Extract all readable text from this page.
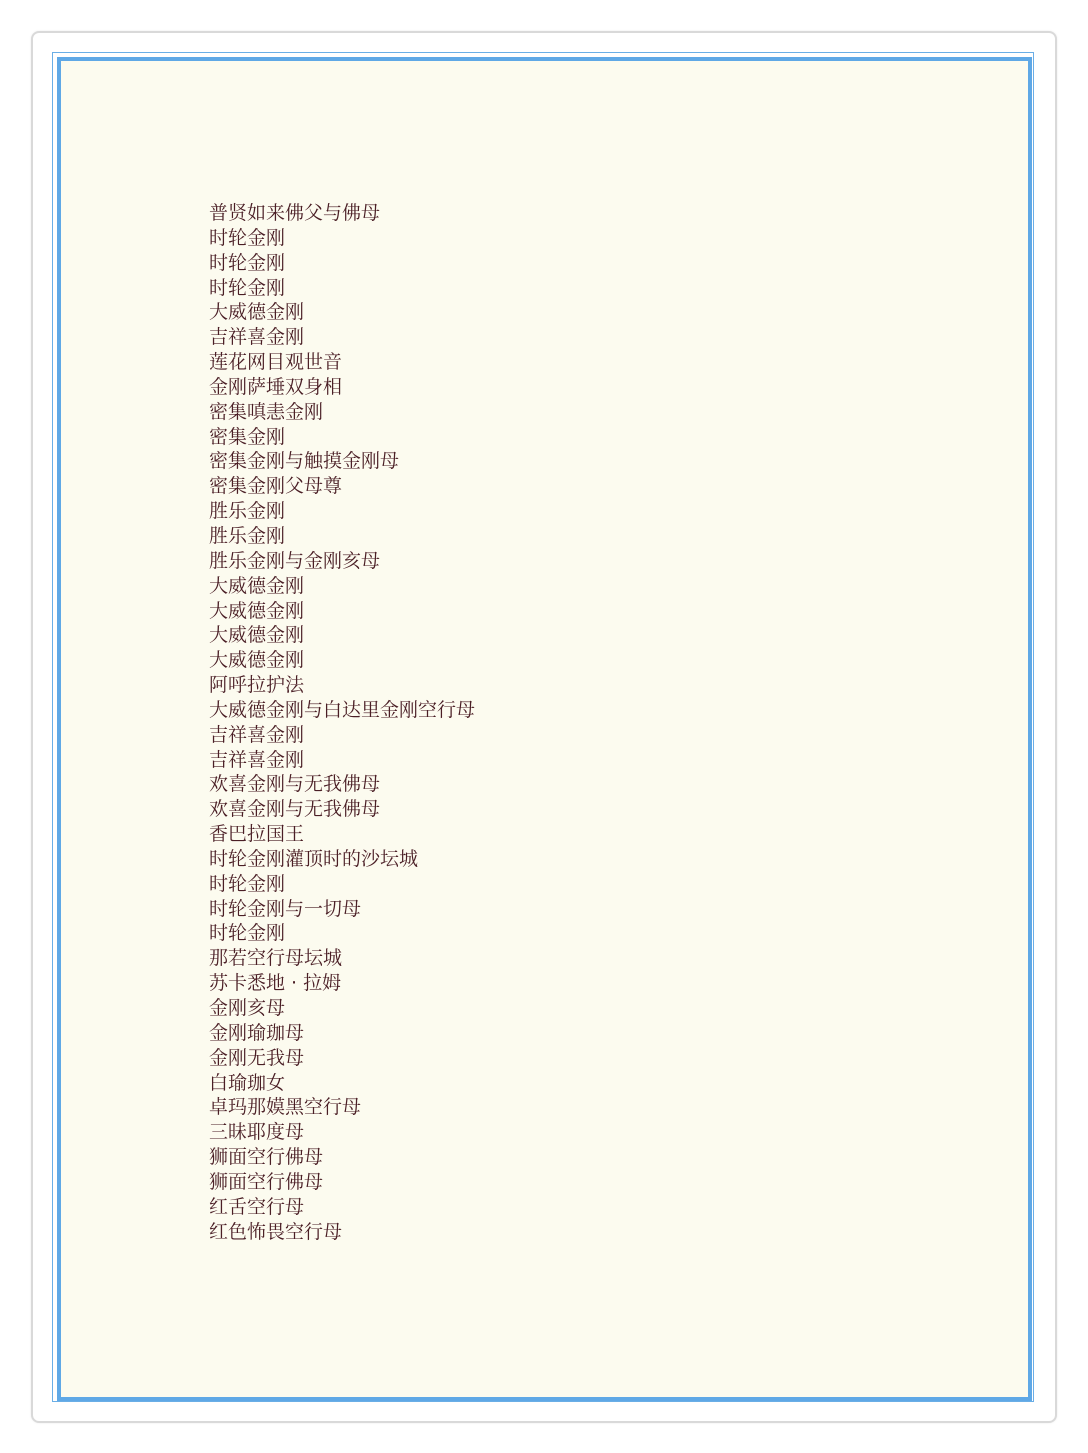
普贤如来佛父与佛母
时轮金刚
时轮金刚
时轮金刚
大威德金刚
吉祥喜金刚
莲花网目观世音
金刚萨埵双身相
密集嗔恚金刚
密集金刚
密集金刚与触摸金刚母
密集金刚父母尊
胜乐金刚
胜乐金刚
胜乐金刚与金刚亥母
大威德金刚
大威德金刚
大威德金刚
大威德金刚
阿呼拉护法
大威德金刚与白达里金刚空行母
吉祥喜金刚
吉祥喜金刚
欢喜金刚与无我佛母
欢喜金刚与无我佛母
香巴拉国王
时轮金刚灌顶时的沙坛城
时轮金刚
时轮金刚与一切母
时轮金刚
那若空行母坛城
苏卡悉地 · 拉姆
金刚亥母
金刚瑜珈母
金刚无我母
白瑜珈女
卓玛那嫫黑空行母
三昧耶度母
狮面空行佛母
狮面空行佛母
红舌空行母
红色怖畏空行母
